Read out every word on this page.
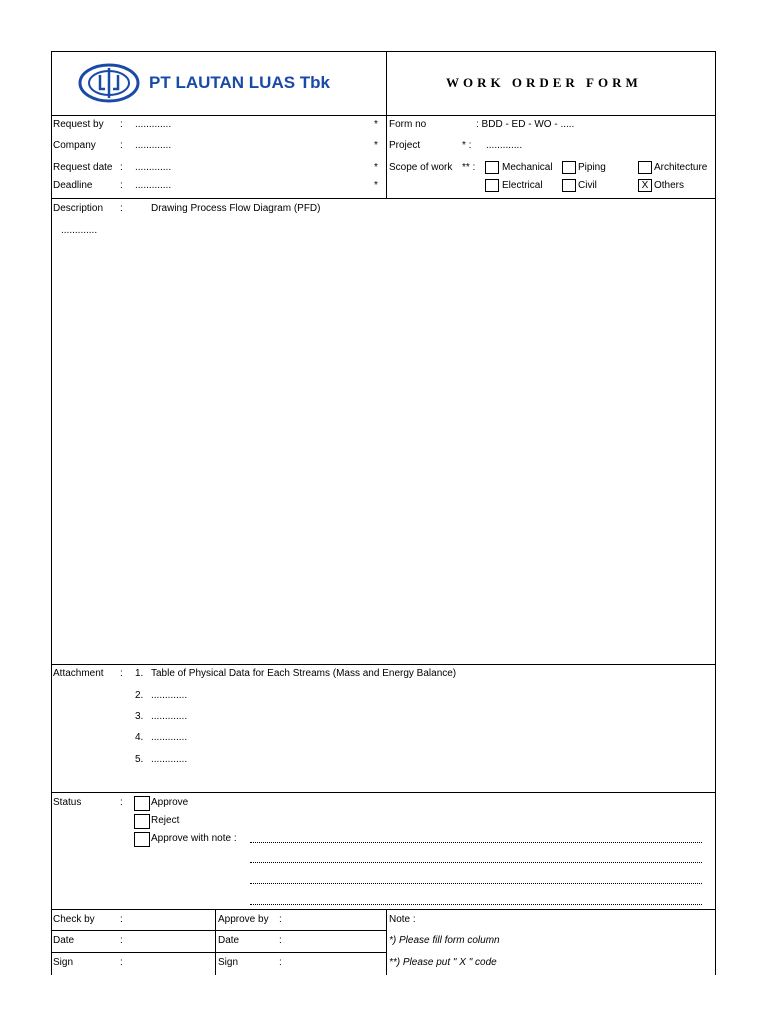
PT LAUTAN LUAS Tbk	WORK ORDER FORM
Request by : .............	*
Company : .............	*
Request date : .............	*
Deadline	: .............	*
Form no	: BDD - ED - WO - .....
Project	* : .............
Scope of work ** :	Mechanical	Piping	Architecture
Electrical	Civil	X Others
Description :	Drawing Process Flow Diagram (PFD)
.............
Attachment : 1. Table of Physical Data for Each Streams (Mass and Energy Balance)
2. .............
3. .............
4. .............
5. .............
Status	:	Approve
Reject
Approve with note :
Check by	:
Date	:
Sign	:
Approve by :
Date	:
Sign	:
Note :
*) Please fill form column
**) Please put " X " code
